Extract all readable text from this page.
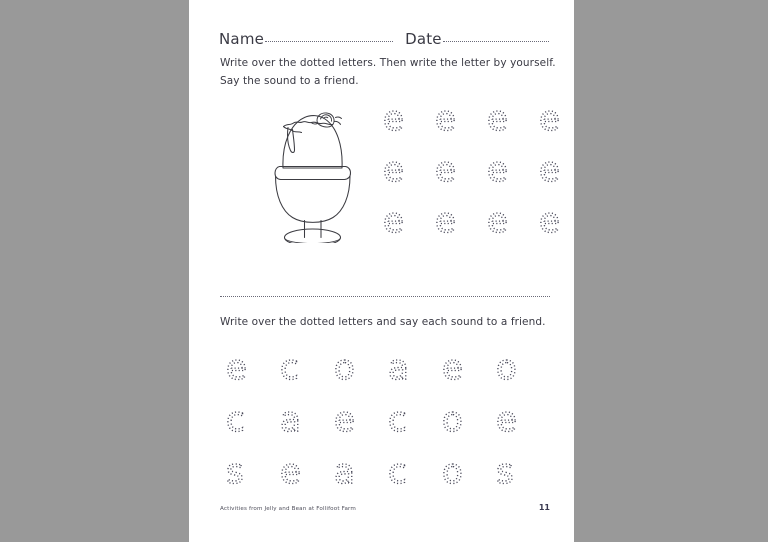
Name	Date
Write over the dotted letters. Then write the letter by yourself.
Say the sound to a friend.
e e e e
e e e e
e e e e
Write over the dotted letters and say each sound to a friend.
e c o a e o
c a e c o e
s e a c o s
Activities from Jelly and Bean at Follifoot Farm	11
